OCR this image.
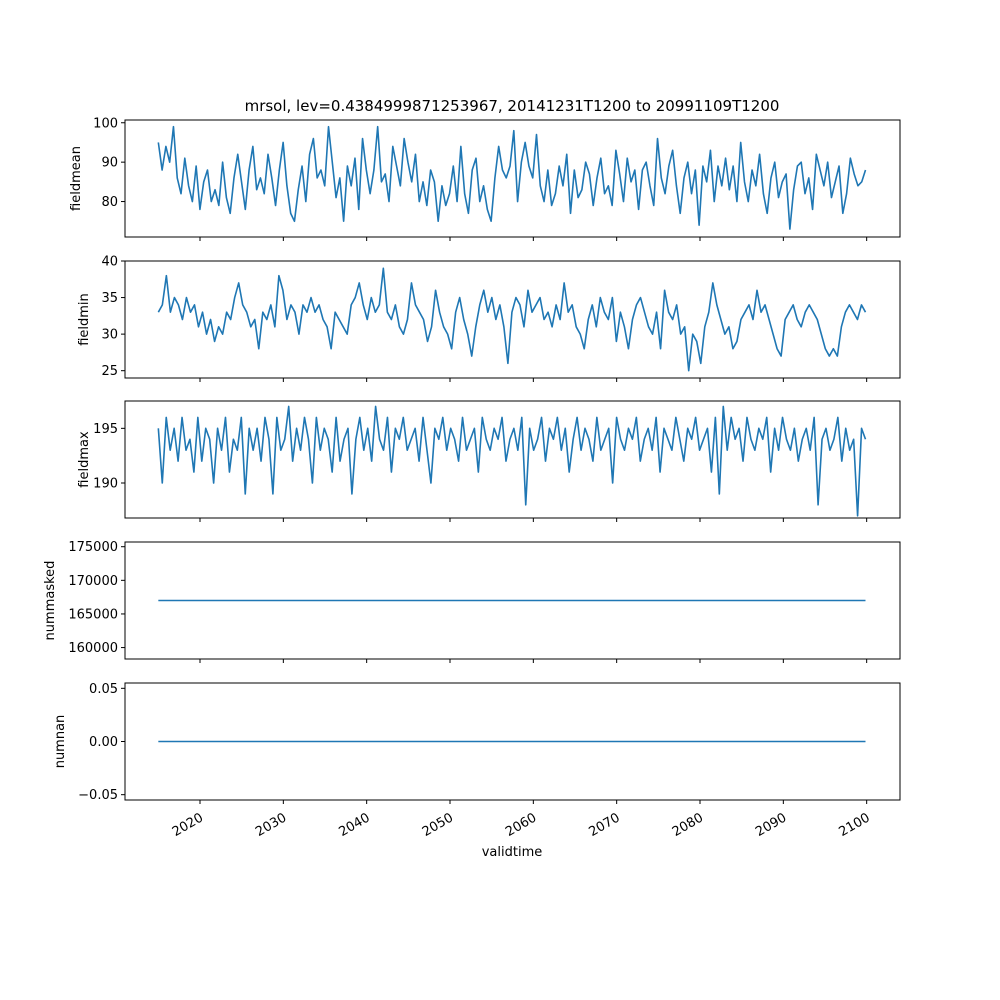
mrsol, lev=0.4384999871253967, 20141231T1200 to 20991109T1200
80
90
100
fieldmean
25
30
35
40
fieldmin
190
195
fieldmax
160000
165000
170000
175000
nummasked
−0.05
0.00
0.05
numnan
2020	2030	2040	2050	2060	2070	2080	2090	2100
validtime
